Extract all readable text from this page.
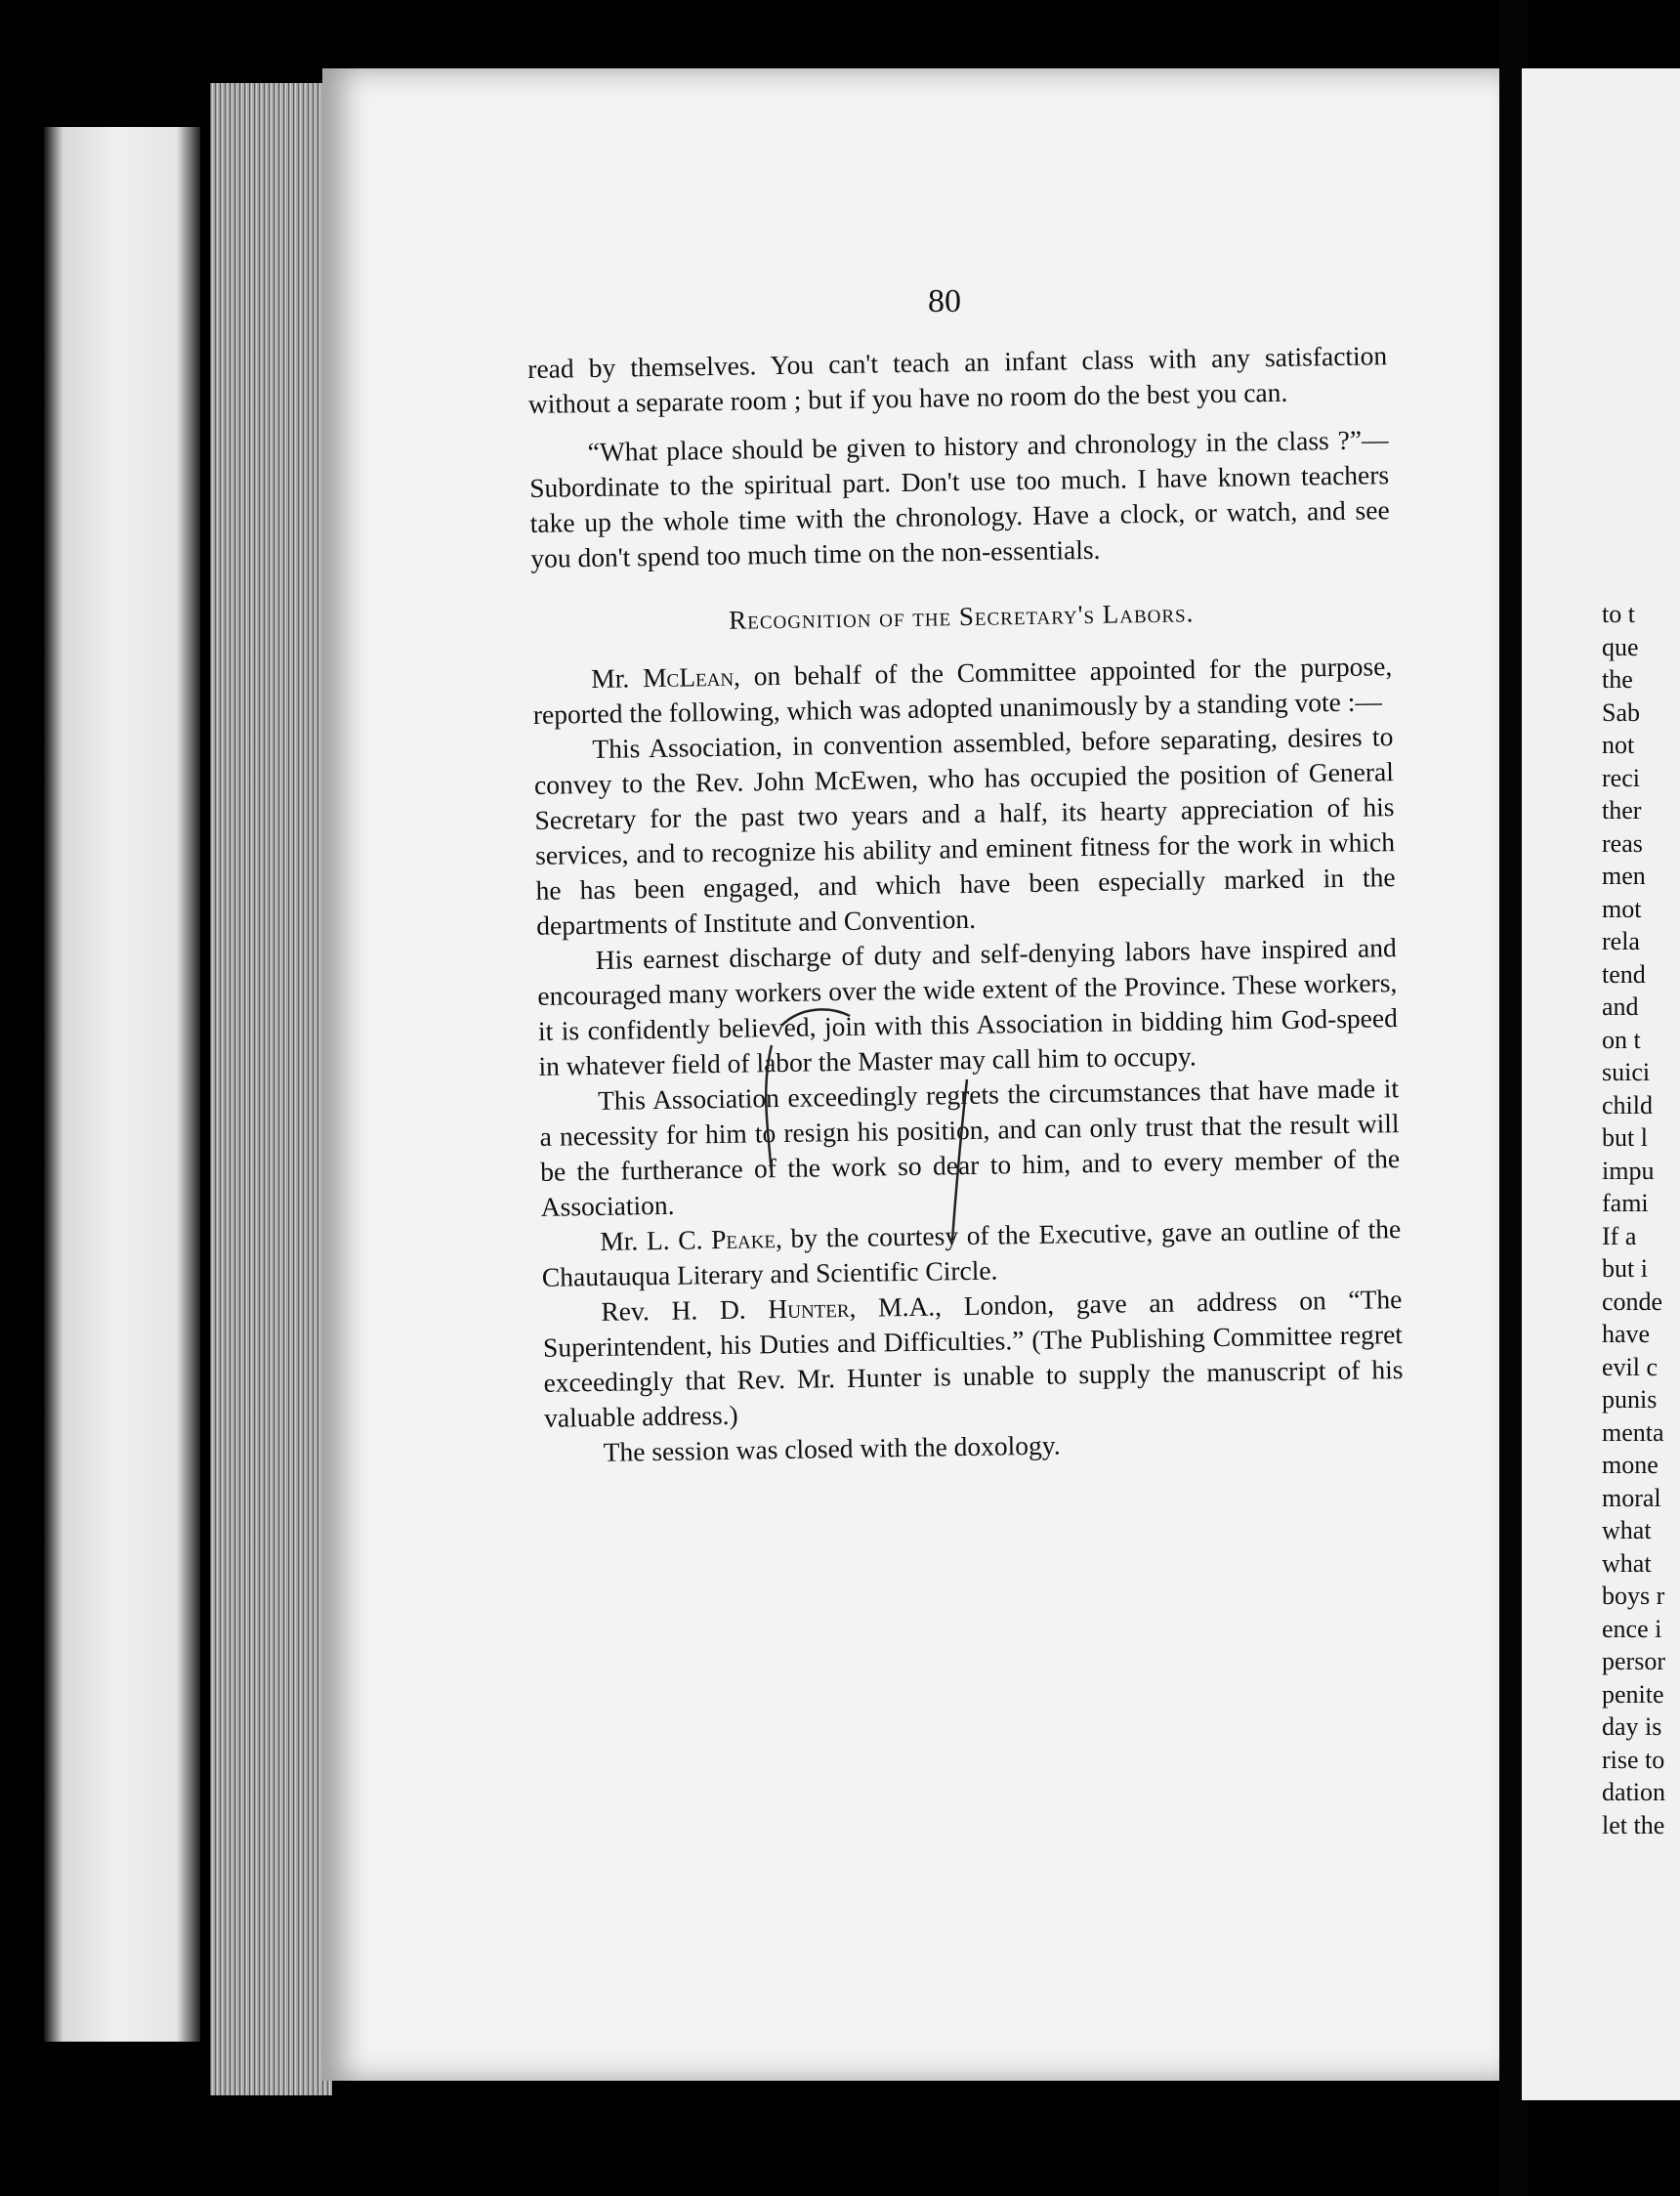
80

read by themselves. You can't teach an infant class with any satisfaction without a separate room ; but if you have no room do the best you can.

“What place should be given to history and chronology in the class ?”—Subordinate to the spiritual part. Don't use too much. I have known teachers take up the whole time with the chronology. Have a clock, or watch, and see you don't spend too much time on the non-essentials.

Recognition of the Secretary's Labors.

Mr. McLean, on behalf of the Committee appointed for the purpose, reported the following, which was adopted unanimously by a standing vote :—

This Association, in convention assembled, before separating, desires to convey to the Rev. John McEwen, who has occupied the position of General Secretary for the past two years and a half, its hearty appreciation of his services, and to recognize his ability and eminent fitness for the work in which he has been engaged, and which have been especially marked in the departments of Institute and Convention.

His earnest discharge of duty and self-denying labors have inspired and encouraged many workers over the wide extent of the Province. These workers, it is confidently believed, join with this Association in bidding him God-speed in whatever field of labor the Master may call him to occupy.

This Association exceedingly regrets the circumstances that have made it a necessity for him to resign his position, and can only trust that the result will be the furtherance of the work so dear to him, and to every member of the Association.

Mr. L. C. Peake, by the courtesy of the Executive, gave an outline of the Chautauqua Literary and Scientific Circle.

Rev. H. D. Hunter, M.A., London, gave an address on “The Superintendent, his Duties and Difficulties.” (The Publishing Committee regret exceedingly that Rev. Mr. Hunter is unable to supply the manuscript of his valuable address.)

The session was closed with the doxology.

to t
que
the
Sab
not
reci
ther
reas
men
mot
rela
tend
and
on t
suici
child
but l
impu
fami
If a
but i
conde
have
evil c
punis
menta
mone
moral
what
what
boys r
ence i
persor
penite
day is
rise to
dation
let the
